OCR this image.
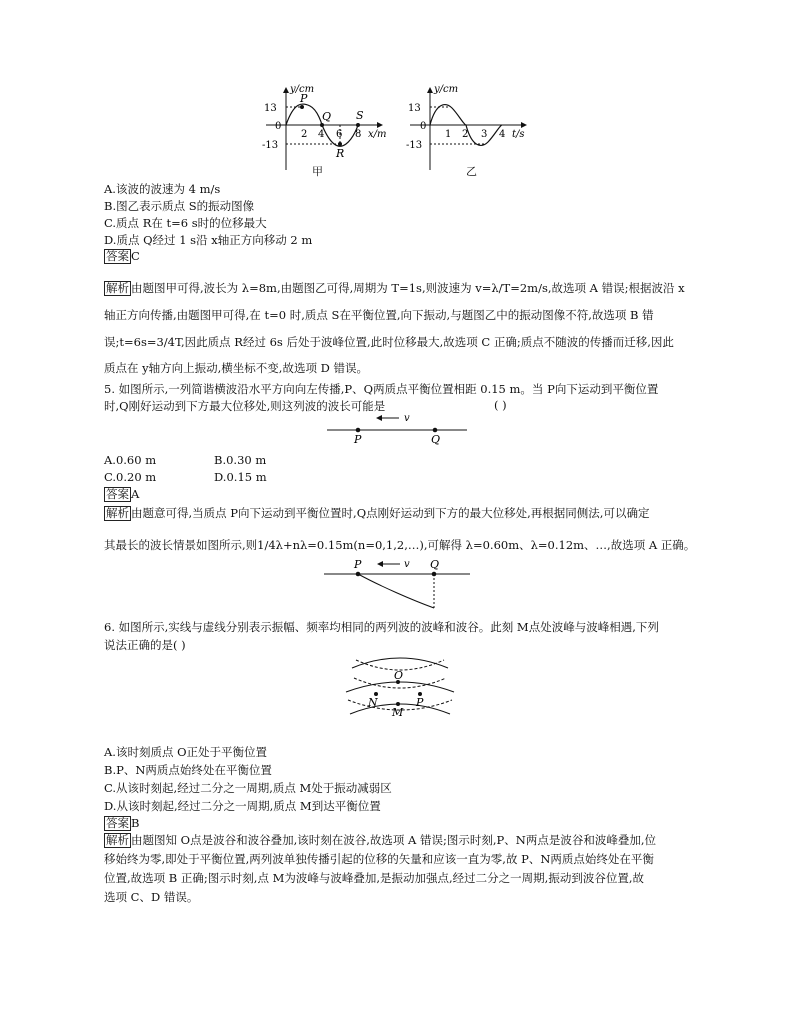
y/cm
13
-13
0
2 4 6 8 x/m
P
Q
R
S
甲
y/cm
13
-13
0
1 2 3 4 t/s
乙
A.该波的波速为 4 m/s
B.图乙表示质点 S的振动图像
C.质点 R在 t=6 s时的位移最大
D.质点 Q经过 1 s沿 x轴正方向移动 2 m
答案 C
解析 由题图甲可得,波长为 λ=8m,由题图乙可得,周期为 T=1s,则波速为 v=λ/T=2m/s,故选项 A 错误;根据波沿 x
轴正方向传播,由题图甲可得,在 t=0 时,质点 S在平衡位置,向下振动,与题图乙中的振动图像不符,故选项 B 错
误;t=6s=3/4T,因此质点 R经过 6s 后处于波峰位置,此时位移最大,故选项 C 正确;质点不随波的传播而迁移,因此
质点在 y轴方向上振动,横坐标不变,故选项 D 错误。
5. 如图所示,一列简谐横波沿水平方向向左传播,P、Q两质点平衡位置相距 0.15 m。当 P向下运动到平衡位置
时,Q刚好运动到下方最大位移处,则这列波的波长可能是	( )
v
P	Q
A.0.60 m	B.0.30 m
C.0.20 m	D.0.15 m
答案 A
解析 由题意可得,当质点 P向下运动到平衡位置时,Q点刚好运动到下方的最大位移处,再根据同侧法,可以确定
其最长的波长情景如图所示,则1/4λ+nλ=0.15m(n=0,1,2,…),可解得 λ=0.60m、λ=0.12m、…,故选项 A 正确。
v
P	Q
6. 如图所示,实线与虚线分别表示振幅、频率均相同的两列波的波峰和波谷。此刻 M点处波峰与波峰相遇,下列
说法正确的是( )
O
N
M
P
A.该时刻质点 O正处于平衡位置
B.P、N两质点始终处在平衡位置
C.从该时刻起,经过二分之一周期,质点 M处于振动减弱区
D.从该时刻起,经过二分之一周期,质点 M到达平衡位置
答案 B
解析 由题图知 O点是波谷和波谷叠加,该时刻在波谷,故选项 A 错误;图示时刻,P、N两点是波谷和波峰叠加,位
移始终为零,即处于平衡位置,两列波单独传播引起的位移的矢量和应该一直为零,故 P、N两质点始终处在平衡
位置,故选项 B 正确;图示时刻,点 M为波峰与波峰叠加,是振动加强点,经过二分之一周期,振动到波谷位置,故
选项 C、D 错误。
